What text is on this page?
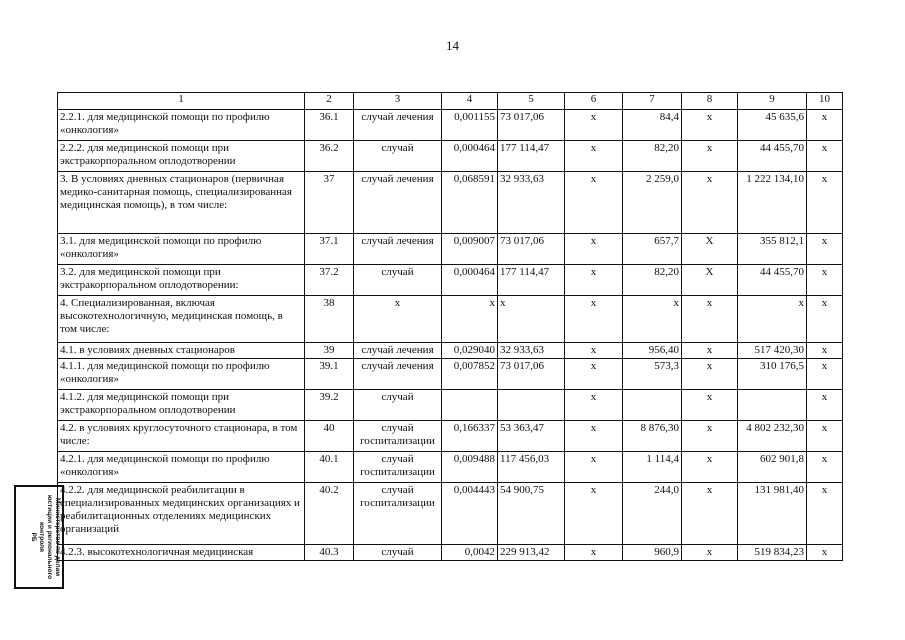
14
1	2	3	4	5	6	7	8	9	10
2.2.1. для медицинской помощи по профилю «онкология»	36.1	случай лечения	0,001155	73 017,06	х	84,4	х	45 635,6	х
2.2.2. для медицинской помощи при экстракорпоральном оплодотворении	36.2	случай	0,000464	177 114,47	х	82,20	х	44 455,70	х
3. В условиях дневных стационаров (первичная медико-санитарная помощь, специализированная медицинская помощь), в том числе:	37	случай лечения	0,068591	32 933,63	х	2 259,0	х	1 222 134,10	х
3.1. для медицинской помощи по профилю «онкология»	37.1	случай лечения	0,009007	73 017,06	х	657,7	Х	355 812,1	х
3.2. для медицинской помощи при экстракорпоральном оплодотворении:	37.2	случай	0,000464	177 114,47	х	82,20	Х	44 455,70	х
4. Специализированная, включая высокотехнологичную, медицинская помощь, в том числе:	38	х	х	х	х	х	х	х	х
4.1. в условиях дневных стационаров	39	случай лечения	0,029040	32 933,63	х	956,40	х	517 420,30	х
4.1.1. для медицинской помощи по профилю «онкология»	39.1	случай лечения	0,007852	73 017,06	х	573,3	х	310 176,5	х
4.1.2. для медицинской помощи при экстракорпоральном оплодотворении	39.2	случай			х		х		х
4.2. в условиях круглосуточного стационара, в том числе:	40	случай госпитализации	0,166337	53 363,47	х	8 876,30	х	4 802 232,30	х
4.2.1. для медицинской помощи по профилю «онкология»	40.1	случай госпитализации	0,009488	117 456,03	х	1 114,4	х	602 901,8	х
4.2.2. для медицинской реабилитации в специализированных медицинских организациях и реабилитационных отделениях медицинских организаций	40.2	случай госпитализации	0,004443	54 900,75	х	244,0	х	131 981,40	х
4.2.3. высокотехнологичная медицинская	40.3	случай	0,0042	229 913,42	х	960,9	х	519 834,23	х
Министерство по делам
юстиции и регионального
контроля
РБ
